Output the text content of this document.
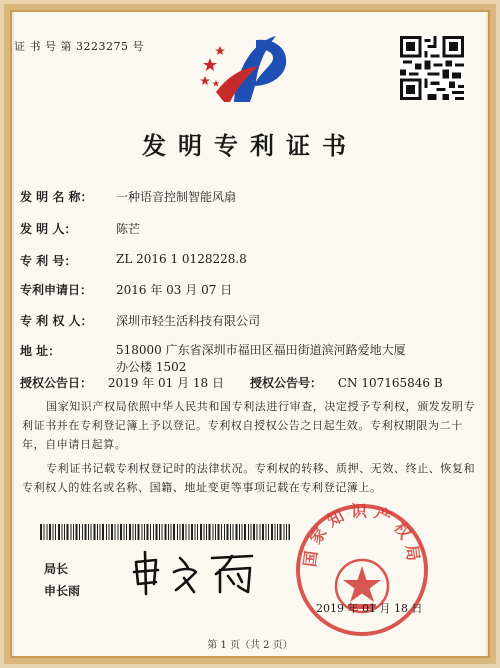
证 书 号 第 3223275 号
发明专利证书
发 明 名 称：	一种语音控制智能风扇
发 明 人：	陈芒
专 利 号：	ZL 2016 1 0128228.8
专利申请日：	2016 年 03 月 07 日
专 利 权 人：	深圳市轻生活科技有限公司
地 址：	518000 广东省深圳市福田区福田街道滨河路爱地大厦办公楼 1502
授权公告日： 2019 年 01 月 18 日 授权公告号： CN 107165846 B
国家知识产权局依照中华人民共和国专利法进行审查，决定授予专利权，颁发发明专利证书并在专利登记簿上予以登记。专利权自授权公告之日起生效。专利权期限为二十年，自申请日起算。
专利证书记载专利权登记时的法律状况。专利权的转移、质押、无效、终止、恢复和专利权人的姓名或名称、国籍、地址变更等事项记载在专利登记簿上。
局长
申长雨
国家知识产权局
2019 年 01 月 18 日
第 1 页（共 2 页）
